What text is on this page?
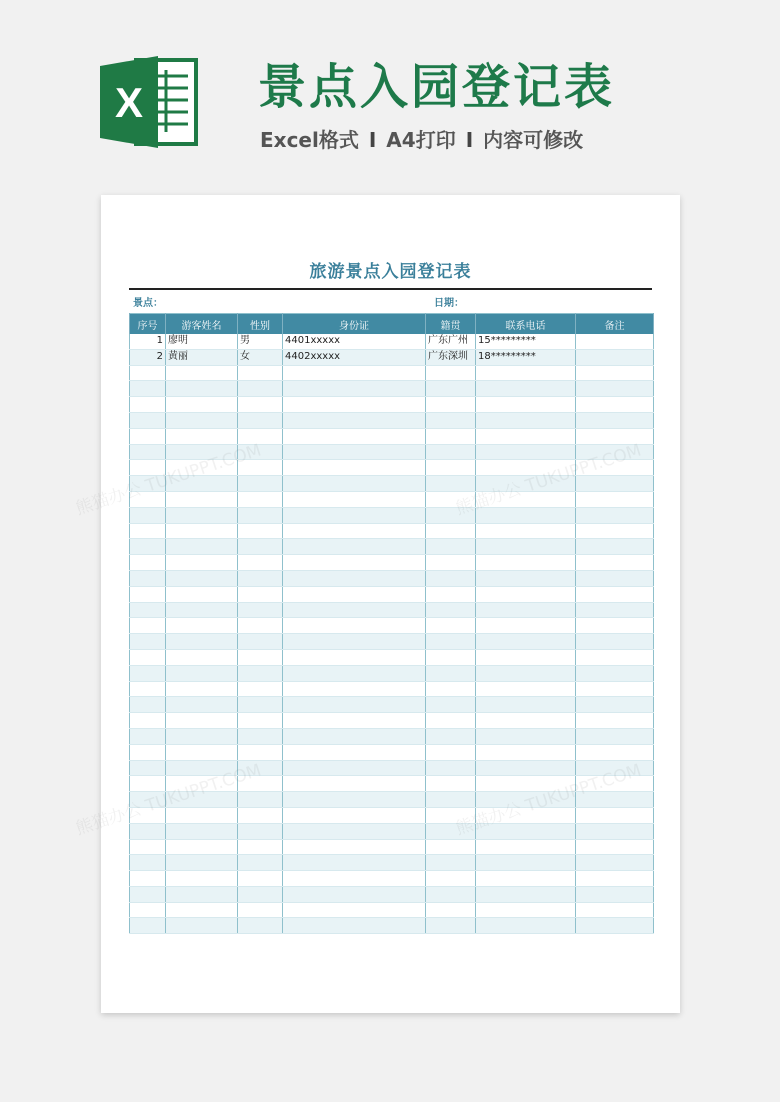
X 景点入园登记表
Excel格式 I A4打印 I 内容可修改
旅游景点入园登记表
景点：	日期：
序号	游客姓名	性别	身份证	籍贯	联系电话	备注
1	廖明	男	4401xxxxx	广东广州	15*********	
2	黄丽	女	4402xxxxx	广东深圳	18*********	

熊猫办公
熊猫办公
